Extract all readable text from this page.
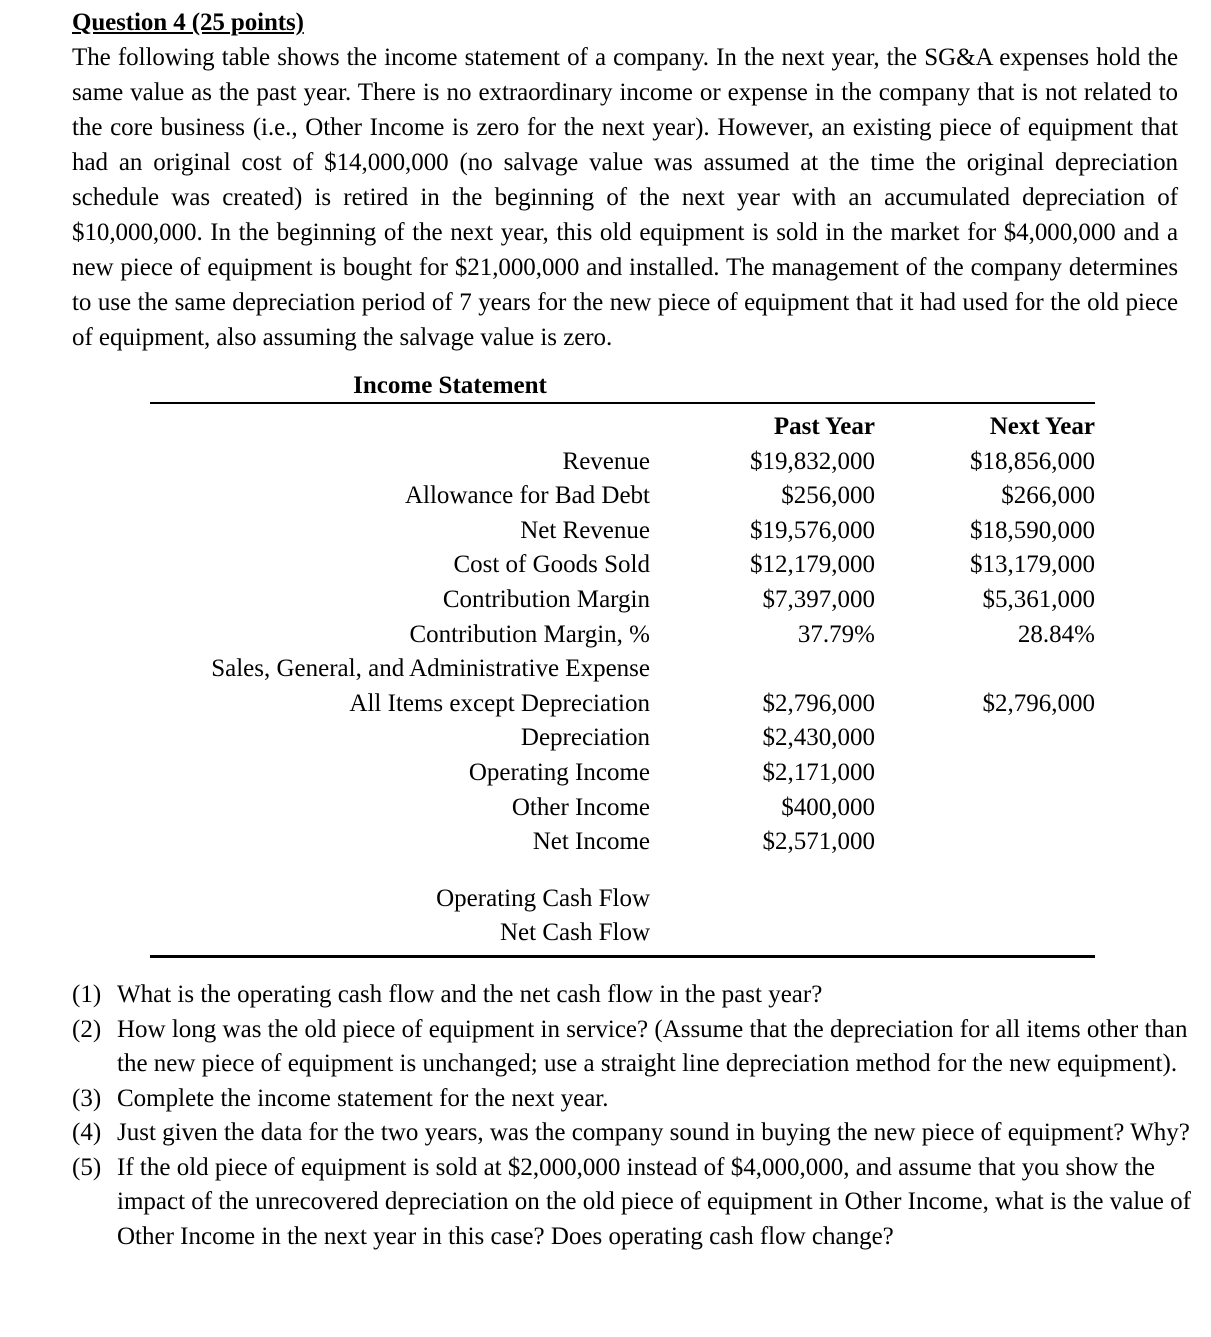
Question 4 (25 points)
The following table shows the income statement of a company. In the next year, the SG&A expenses hold the same value as the past year. There is no extraordinary income or expense in the company that is not related to the core business (i.e., Other Income is zero for the next year). However, an existing piece of equipment that had an original cost of $14,000,000 (no salvage value was assumed at the time the original depreciation schedule was created) is retired in the beginning of the next year with an accumulated depreciation of $10,000,000. In the beginning of the next year, this old equipment is sold in the market for $4,000,000 and a new piece of equipment is bought for $21,000,000 and installed. The management of the company determines to use the same depreciation period of 7 years for the new piece of equipment that it had used for the old piece of equipment, also assuming the salvage value is zero.
Income Statement
	Past Year	Next Year
Revenue	$19,832,000	$18,856,000
Allowance for Bad Debt	$256,000	$266,000
Net Revenue	$19,576,000	$18,590,000
Cost of Goods Sold	$12,179,000	$13,179,000
Contribution Margin	$7,397,000	$5,361,000
Contribution Margin, %	37.79%	28.84%
Sales, General, and Administrative Expense		
All Items except Depreciation	$2,796,000	$2,796,000
Depreciation	$2,430,000	
Operating Income	$2,171,000	
Other Income	$400,000	
Net Income	$2,571,000	

Operating Cash Flow		
Net Cash Flow		
(1) What is the operating cash flow and the net cash flow in the past year?
(2) How long was the old piece of equipment in service? (Assume that the depreciation for all items other than the new piece of equipment is unchanged; use a straight line depreciation method for the new equipment).
(3) Complete the income statement for the next year.
(4) Just given the data for the two years, was the company sound in buying the new piece of equipment? Why?
(5) If the old piece of equipment is sold at $2,000,000 instead of $4,000,000, and assume that you show the impact of the unrecovered depreciation on the old piece of equipment in Other Income, what is the value of Other Income in the next year in this case? Does operating cash flow change?
